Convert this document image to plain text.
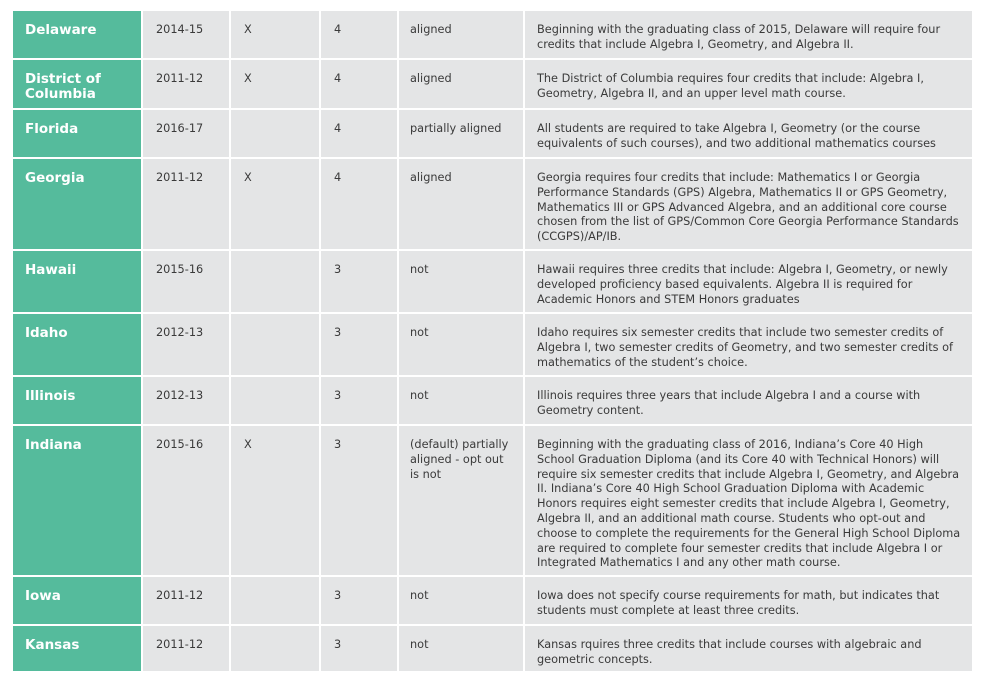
Delaware	2014-15	X	4	aligned	Beginning with the graduating class of 2015, Delaware will require four credits that include Algebra I, Geometry, and Algebra II.
District of Columbia	2011-12	X	4	aligned	The District of Columbia requires four credits that include: Algebra I, Geometry, Algebra II, and an upper level math course.
Florida	2016-17		4	partially aligned	All students are required to take Algebra I, Geometry (or the course equivalents of such courses), and two additional mathematics courses
Georgia	2011-12	X	4	aligned	Georgia requires four credits that include: Mathematics I or Georgia Performance Standards (GPS) Algebra, Mathematics II or GPS Geometry, Mathematics III or GPS Advanced Algebra, and an additional core course chosen from the list of GPS/Common Core Georgia Performance Standards (CCGPS)/AP/IB.
Hawaii	2015-16		3	not	Hawaii requires three credits that include: Algebra I, Geometry, or newly developed proficiency based equivalents. Algebra II is required for Academic Honors and STEM Honors graduates
Idaho	2012-13		3	not	Idaho requires six semester credits that include two semester credits of Algebra I, two semester credits of Geometry, and two semester credits of mathematics of the student’s choice.
Illinois	2012-13		3	not	Illinois requires three years that include Algebra I and a course with Geometry content.
Indiana	2015-16	X	3	(default) partially aligned - opt out is not	Beginning with the graduating class of 2016, Indiana’s Core 40 High School Graduation Diploma (and its Core 40 with Technical Honors) will require six semester credits that include Algebra I, Geometry, and Algebra II. Indiana’s Core 40 High School Graduation Diploma with Academic Honors requires eight semester credits that include Algebra I, Geometry, Algebra II, and an additional math course. Students who opt-out and choose to complete the requirements for the General High School Diploma are required to complete four semester credits that include Algebra I or Integrated Mathematics I and any other math course.
Iowa	2011-12		3	not	Iowa does not specify course requirements for math, but indicates that students must complete at least three credits.
Kansas	2011-12		3	not	Kansas rquires three credits that include courses with algebraic and geometric concepts.
